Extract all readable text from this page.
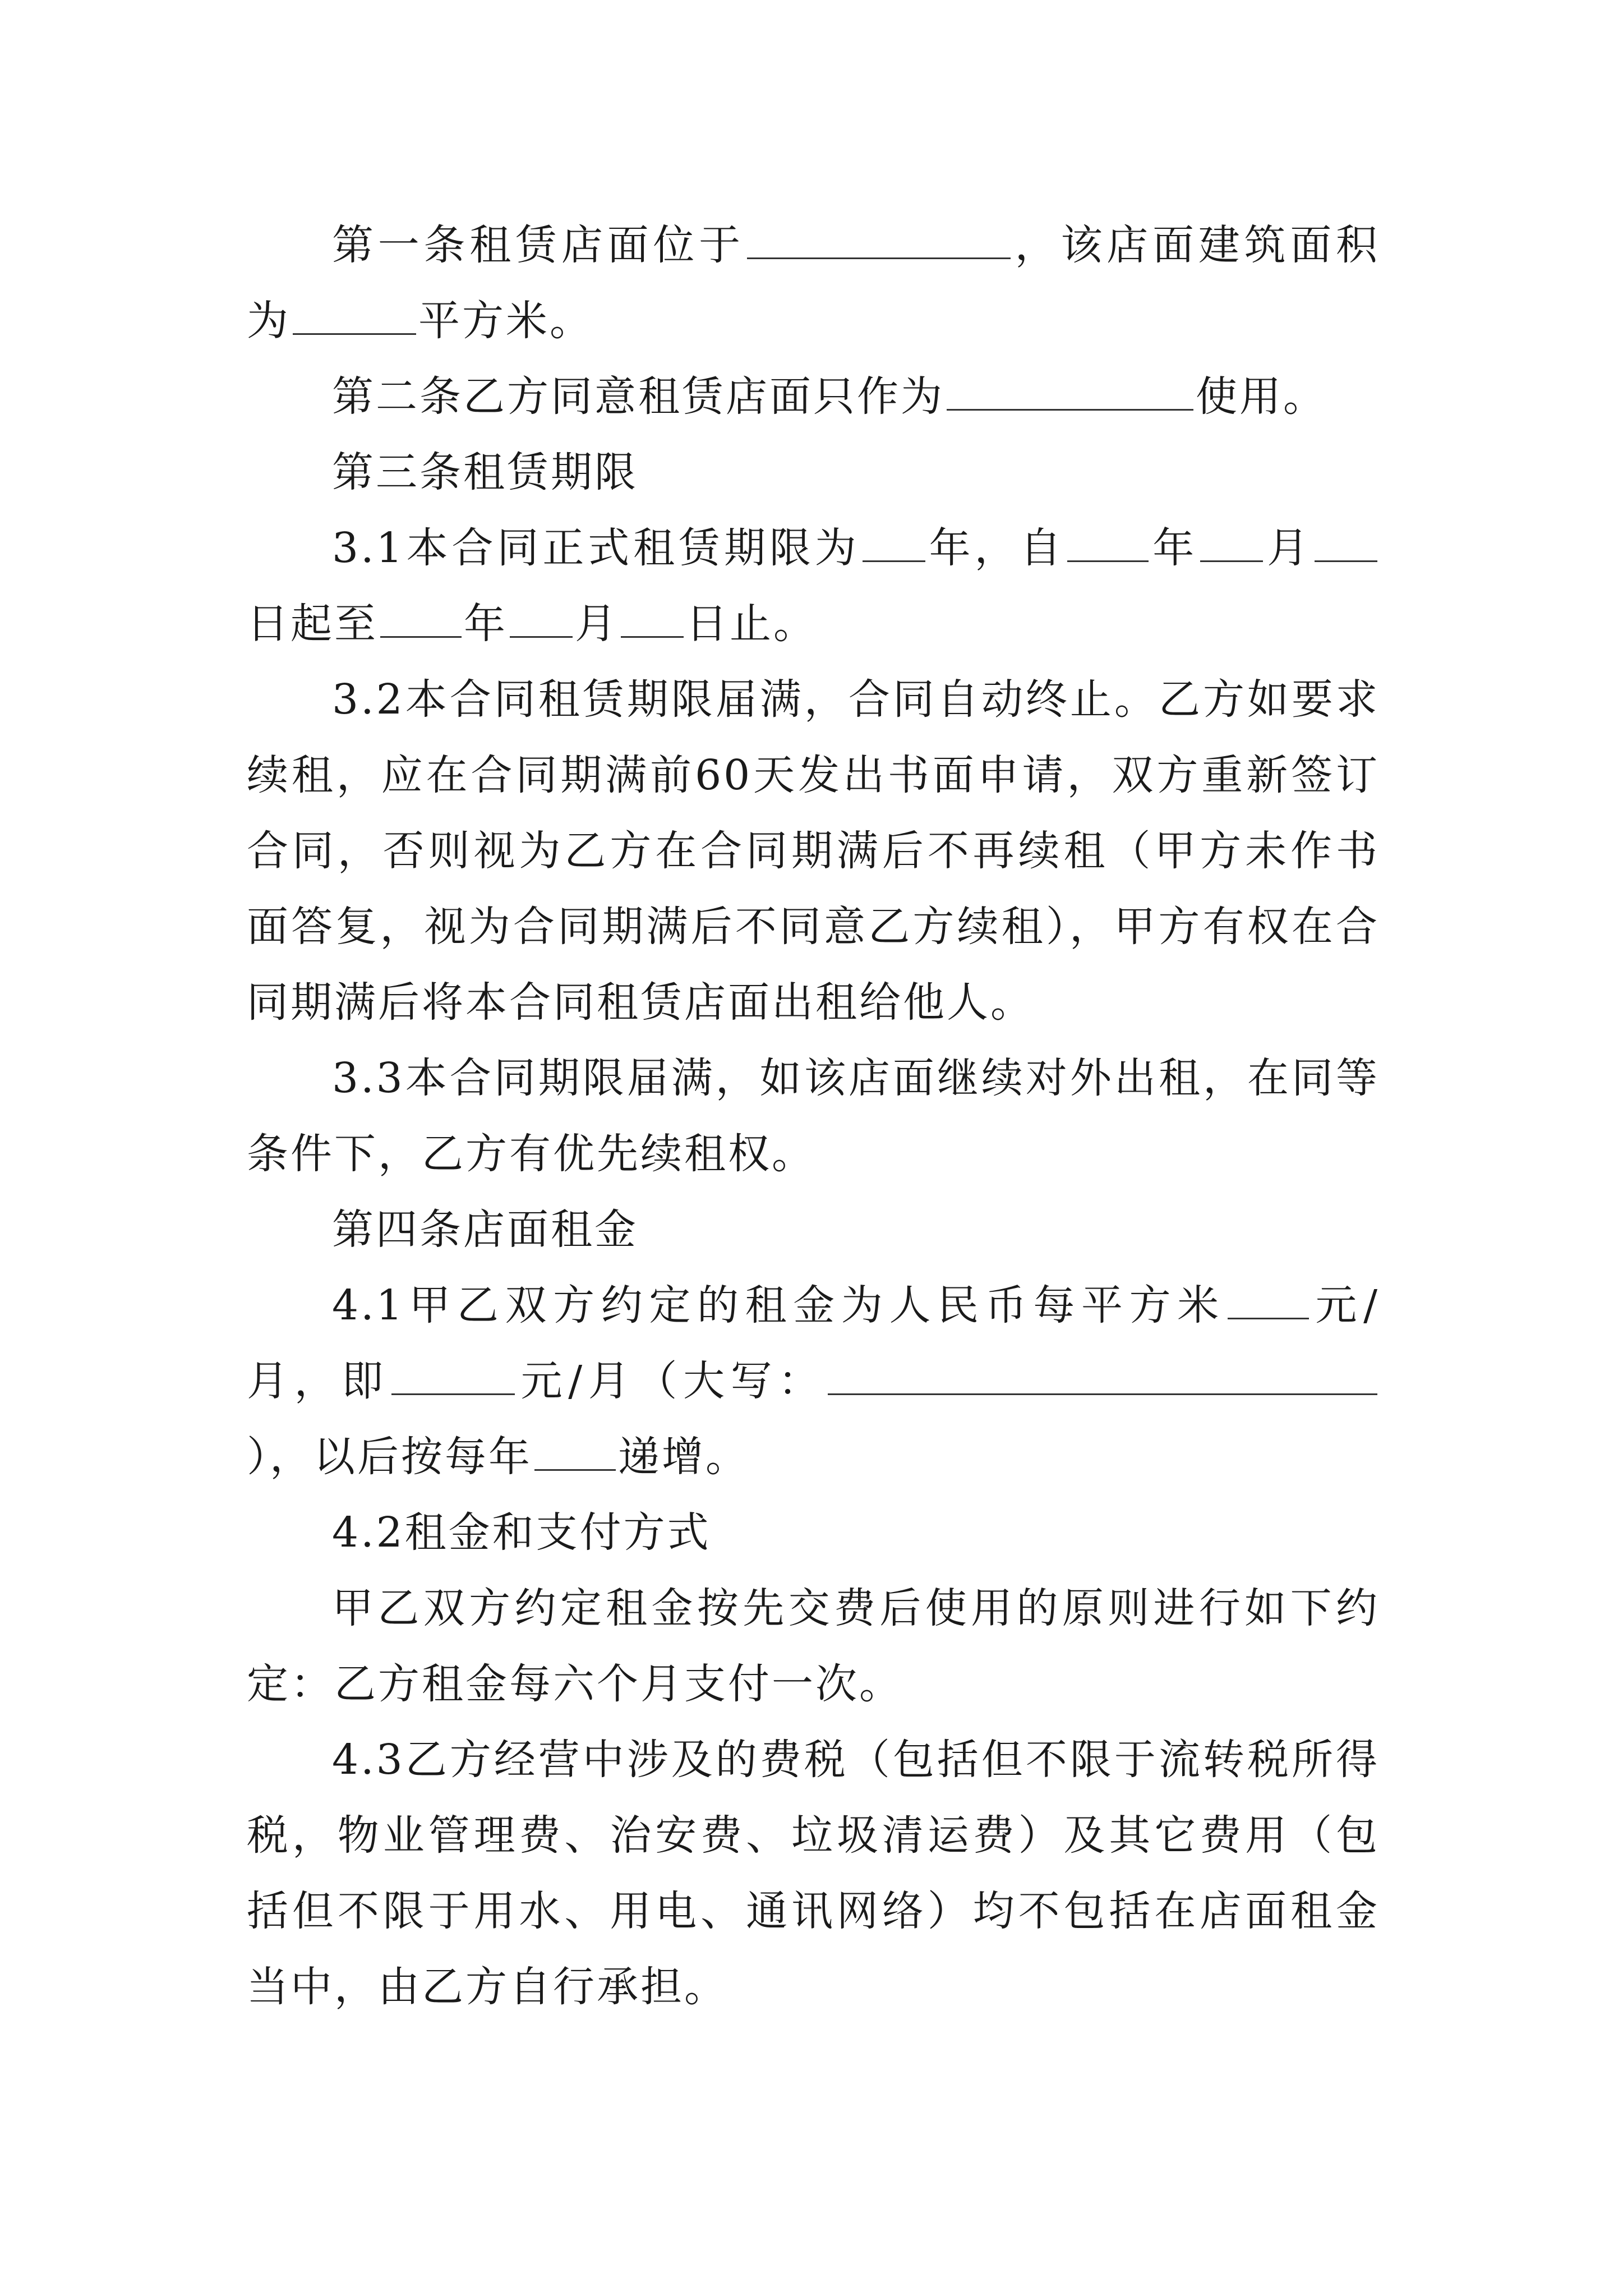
第一条租赁店面位于	，该店面建筑面积为	平方米。

第二条乙方同意租赁店面只作为	使用。

第三条租赁期限

3.1本合同正式租赁期限为 年，自 年 月日起至 年 月 日止。

3.2本合同租赁期限届满，合同自动终止。乙方如要求续租，应在合同期满前60天发出书面申请，双方重新签订合同，否则视为乙方在合同期满后不再续租（甲方未作书面答复，视为合同期满后不同意乙方续租），甲方有权在合同期满后将本合同租赁店面出租给他人。

3.3本合同期限届满，如该店面继续对外出租，在同等条件下，乙方有优先续租权。

第四条店面租金

4.1甲乙双方约定的租金为人民币每平方米 元/月，即	元/月（大写：），以后按每年 递增。

4.2租金和支付方式

甲乙双方约定租金按先交费后使用的原则进行如下约定：乙方租金每六个月支付一次。

4.3乙方经营中涉及的费税（包括但不限于流转税所得税，物业管理费、治安费、垃圾清运费）及其它费用（包括但不限于用水、用电、通讯网络）均不包括在店面租金当中，由乙方自行承担。
